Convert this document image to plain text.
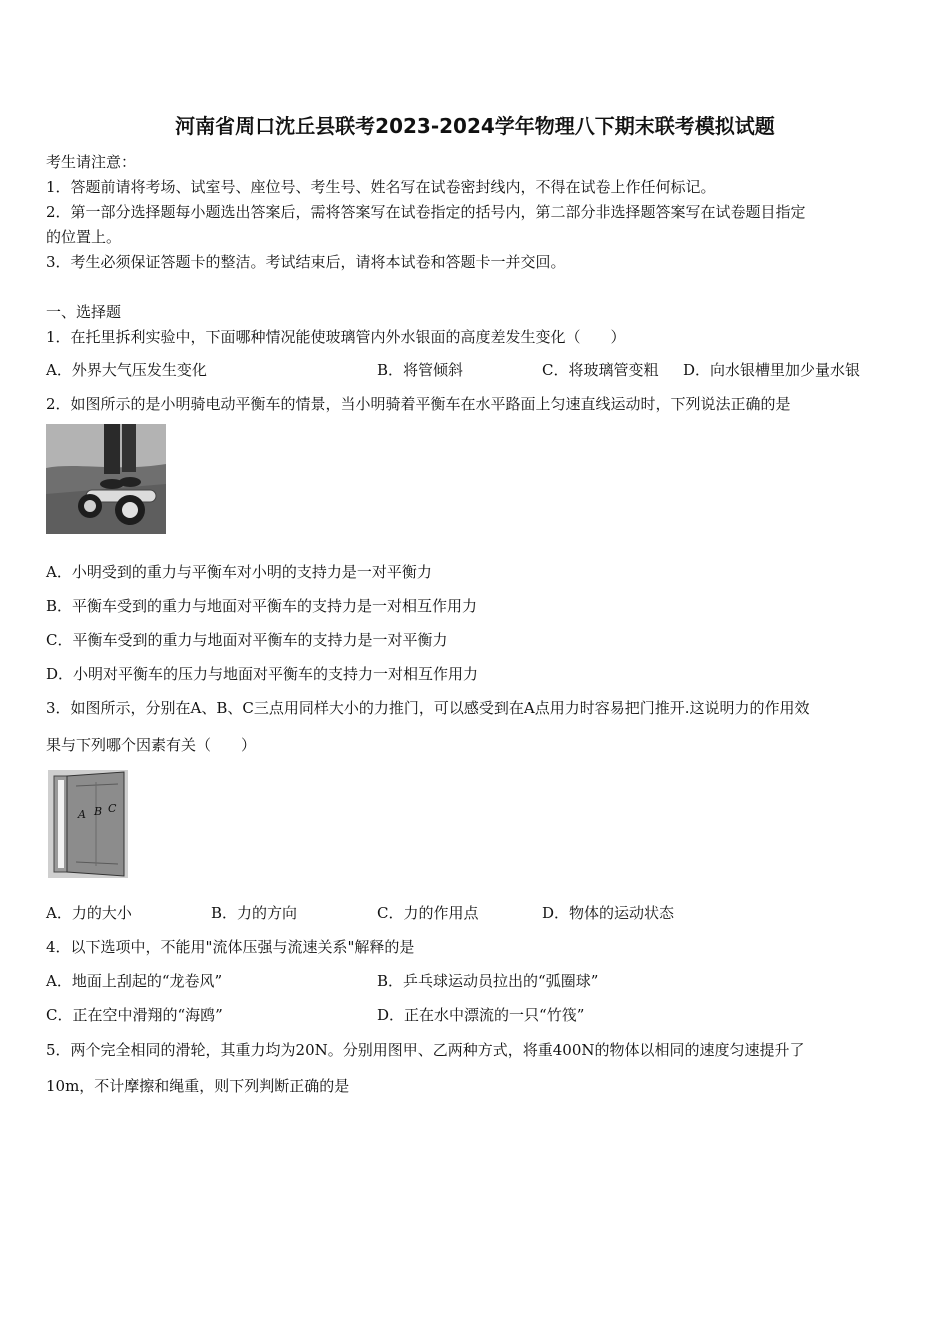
河南省周口沈丘县联考2023-2024学年物理八下期末联考模拟试题
考生请注意：
1．答题前请将考场、试室号、座位号、考生号、姓名写在试卷密封线内，不得在试卷上作任何标记。
2．第一部分选择题每小题选出答案后，需将答案写在试卷指定的括号内，第二部分非选择题答案写在试卷题目指定
的位置上。
3．考生必须保证答题卡的整洁。考试结束后，请将本试卷和答题卡一并交回。
一、选择题
1．在托里拆利实验中，下面哪种情况能使玻璃管内外水银面的高度差发生变化（　　）
A．外界大气压发生变化	B．将管倾斜	C．将玻璃管变粗 D．向水银槽里加少量水银
2．如图所示的是小明骑电动平衡车的情景，当小明骑着平衡车在水平路面上匀速直线运动时，下列说法正确的是
A．小明受到的重力与平衡车对小明的支持力是一对平衡力
B．平衡车受到的重力与地面对平衡车的支持力是一对相互作用力
C．平衡车受到的重力与地面对平衡车的支持力是一对平衡力
D．小明对平衡车的压力与地面对平衡车的支持力一对相互作用力
3．如图所示，分别在A、B、C三点用同样大小的力推门，可以感受到在A点用力时容易把门推开.这说明力的作用效
果与下列哪个因素有关（　　）
A B C
A．力的大小	B．力的方向	C．力的作用点	D．物体的运动状态
4．以下选项中，不能用"流体压强与流速关系"解释的是
A．地面上刮起的“龙卷风”	B．乒乓球运动员拉出的“弧圈球”
C．正在空中滑翔的“海鸥”	D．正在水中漂流的一只“竹筏”
5．两个完全相同的滑轮，其重力均为20N。分别用图甲、乙两种方式，将重400N的物体以相同的速度匀速提升了
10m，不计摩擦和绳重，则下列判断正确的是
